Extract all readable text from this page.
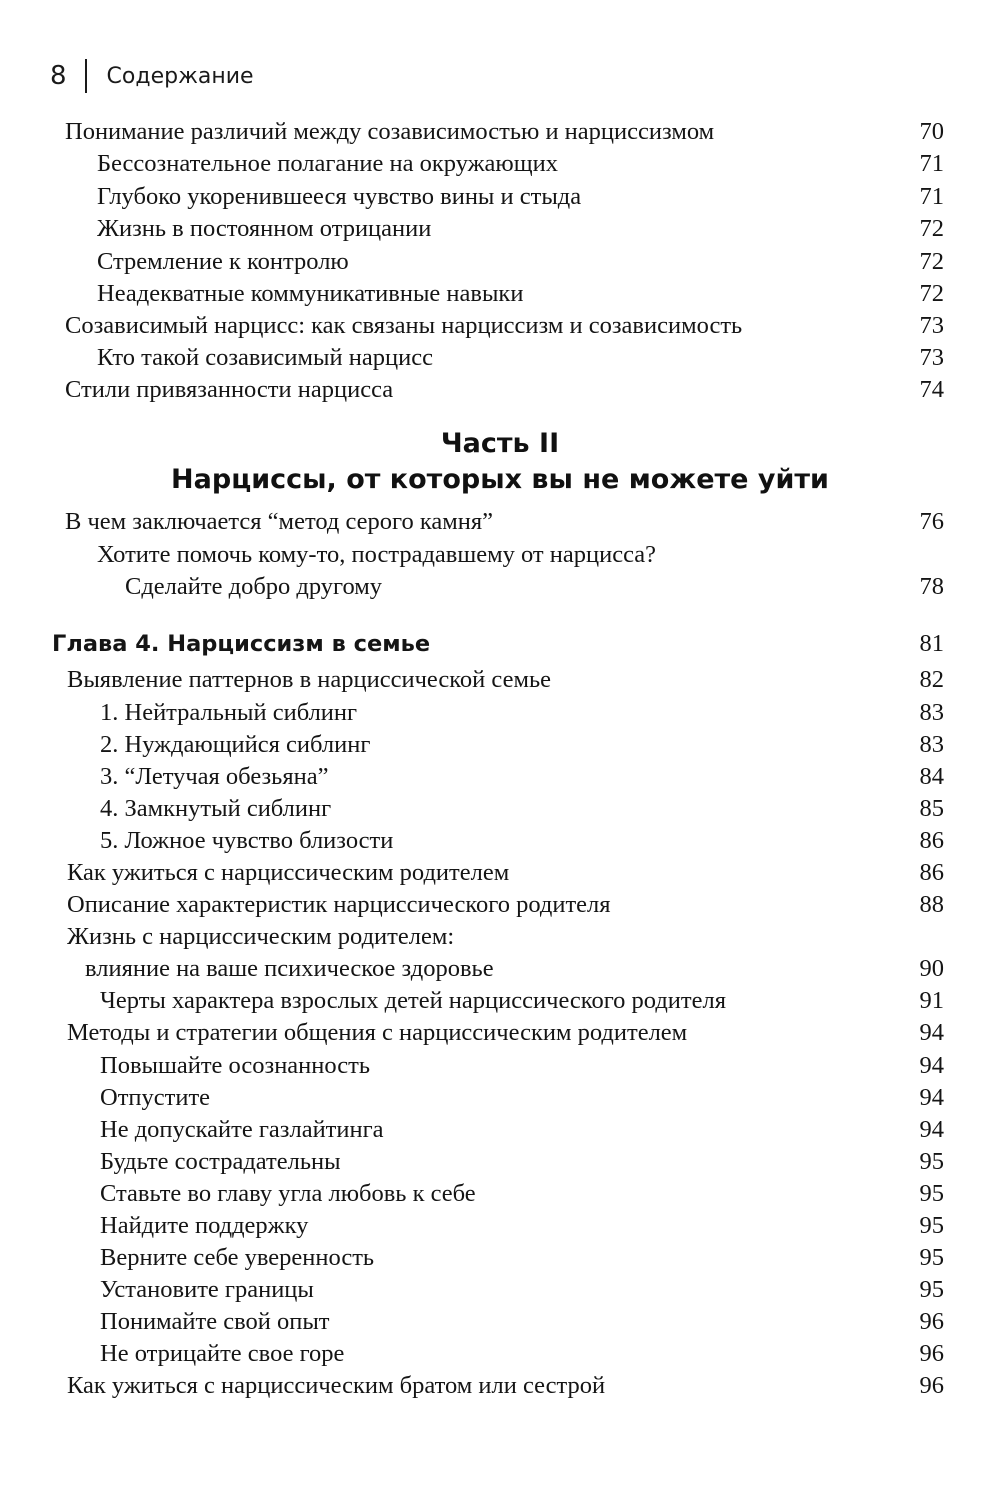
8 Содержание
Часть II
Нарциссы, от которых вы не можете уйти
Понимание различий между созависимостью и нарциссизмом	70
Бессознательное полагание на окружающих	71
Глубоко укоренившееся чувство вины и стыда	71
Жизнь в постоянном отрицании	72
Стремление к контролю	72
Неадекватные коммуникативные навыки	72
Созависимый нарцисс: как связаны нарциссизм и созависимость	73
Кто такой созависимый нарцисс	73
Стили привязанности нарцисса	74
В чем заключается “метод серого камня”	76
Хотите помочь кому-то, пострадавшему от нарцисса?
Сделайте добро другому	78
Глава 4. Нарциссизм в семье	81
Выявление паттернов в нарциссической семье	82
1. Нейтральный сиблинг	83
2. Нуждающийся сиблинг	83
3. “Летучая обезьяна”	84
4. Замкнутый сиблинг	85
5. Ложное чувство близости	86
Как ужиться с нарциссическим родителем	86
Описание характеристик нарциссического родителя	88
Жизнь с нарциссическим родителем:
влияние на ваше психическое здоровье	90
Черты характера взрослых детей нарциссического родителя	91
Методы и стратегии общения с нарциссическим родителем	94
Повышайте осознанность	94
Отпустите	94
Не допускайте газлайтинга	94
Будьте сострадательны	95
Ставьте во главу угла любовь к себе	95
Найдите поддержку	95
Верните себе уверенность	95
Установите границы	95
Понимайте свой опыт	96
Не отрицайте свое горе	96
Как ужиться с нарциссическим братом или сестрой	96
